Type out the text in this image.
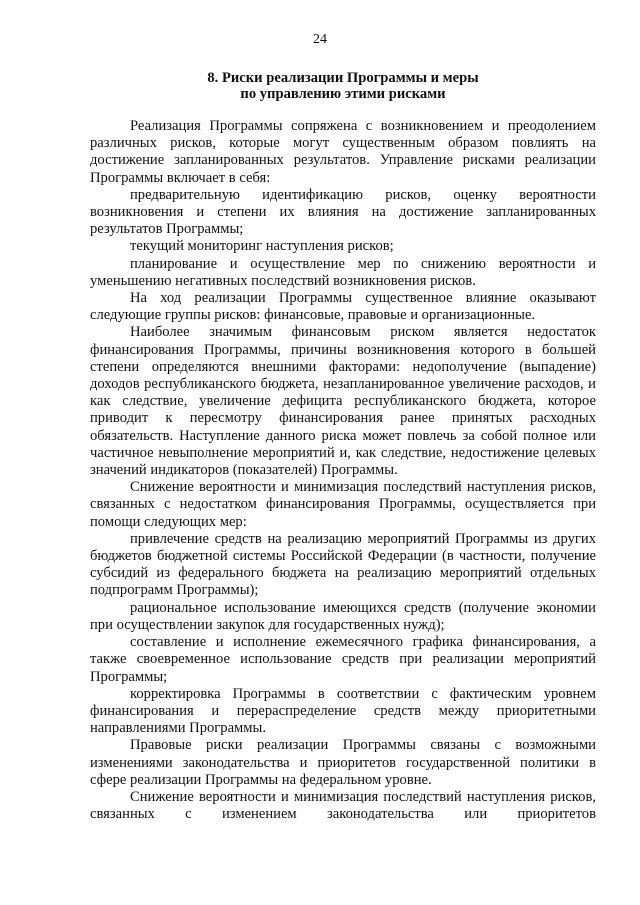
24
8. Риски реализации Программы и меры
по управлению этими рисками

Реализация Программы сопряжена с возникновением и преодолением различных рисков, которые могут существенным образом повлиять на достижение запланированных результатов. Управление рисками реализации Программы включает в себя:

предварительную идентификацию рисков, оценку вероятности возникновения и степени их влияния на достижение запланированных результатов Программы;

текущий мониторинг наступления рисков;

планирование и осуществление мер по снижению вероятности и уменьшению негативных последствий возникновения рисков.

На ход реализации Программы существенное влияние оказывают следующие группы рисков: финансовые, правовые и организационные.

Наиболее значимым финансовым риском является недостаток финансирования Программы, причины возникновения которого в большей степени определяются внешними факторами: недополучение (выпадение) доходов республиканского бюджета, незапланированное увеличение расходов, и как следствие, увеличение дефицита республиканского бюджета, которое приводит к пересмотру финансирования ранее принятых расходных обязательств. Наступление данного риска может повлечь за собой полное или частичное невыполнение мероприятий и, как следствие, недостижение целевых значений индикаторов (показателей) Программы.

Снижение вероятности и минимизация последствий наступления рисков, связанных с недостатком финансирования Программы, осуществляется при помощи следующих мер:

привлечение средств на реализацию мероприятий Программы из других бюджетов бюджетной системы Российской Федерации (в частности, получение субсидий из федерального бюджета на реализацию мероприятий отдельных подпрограмм Программы);

рациональное использование имеющихся средств (получение экономии при осуществлении закупок для государственных нужд);

составление и исполнение ежемесячного графика финансирования, а также своевременное использование средств при реализации мероприятий Программы;

корректировка Программы в соответствии с фактическим уровнем финансирования и перераспределение средств между приоритетными направлениями Программы.

Правовые риски реализации Программы связаны с возможными изменениями законодательства и приоритетов государственной политики в сфере реализации Программы на федеральном уровне.

Снижение вероятности и минимизация последствий наступления рисков, связанных с изменением законодательства или приоритетов
